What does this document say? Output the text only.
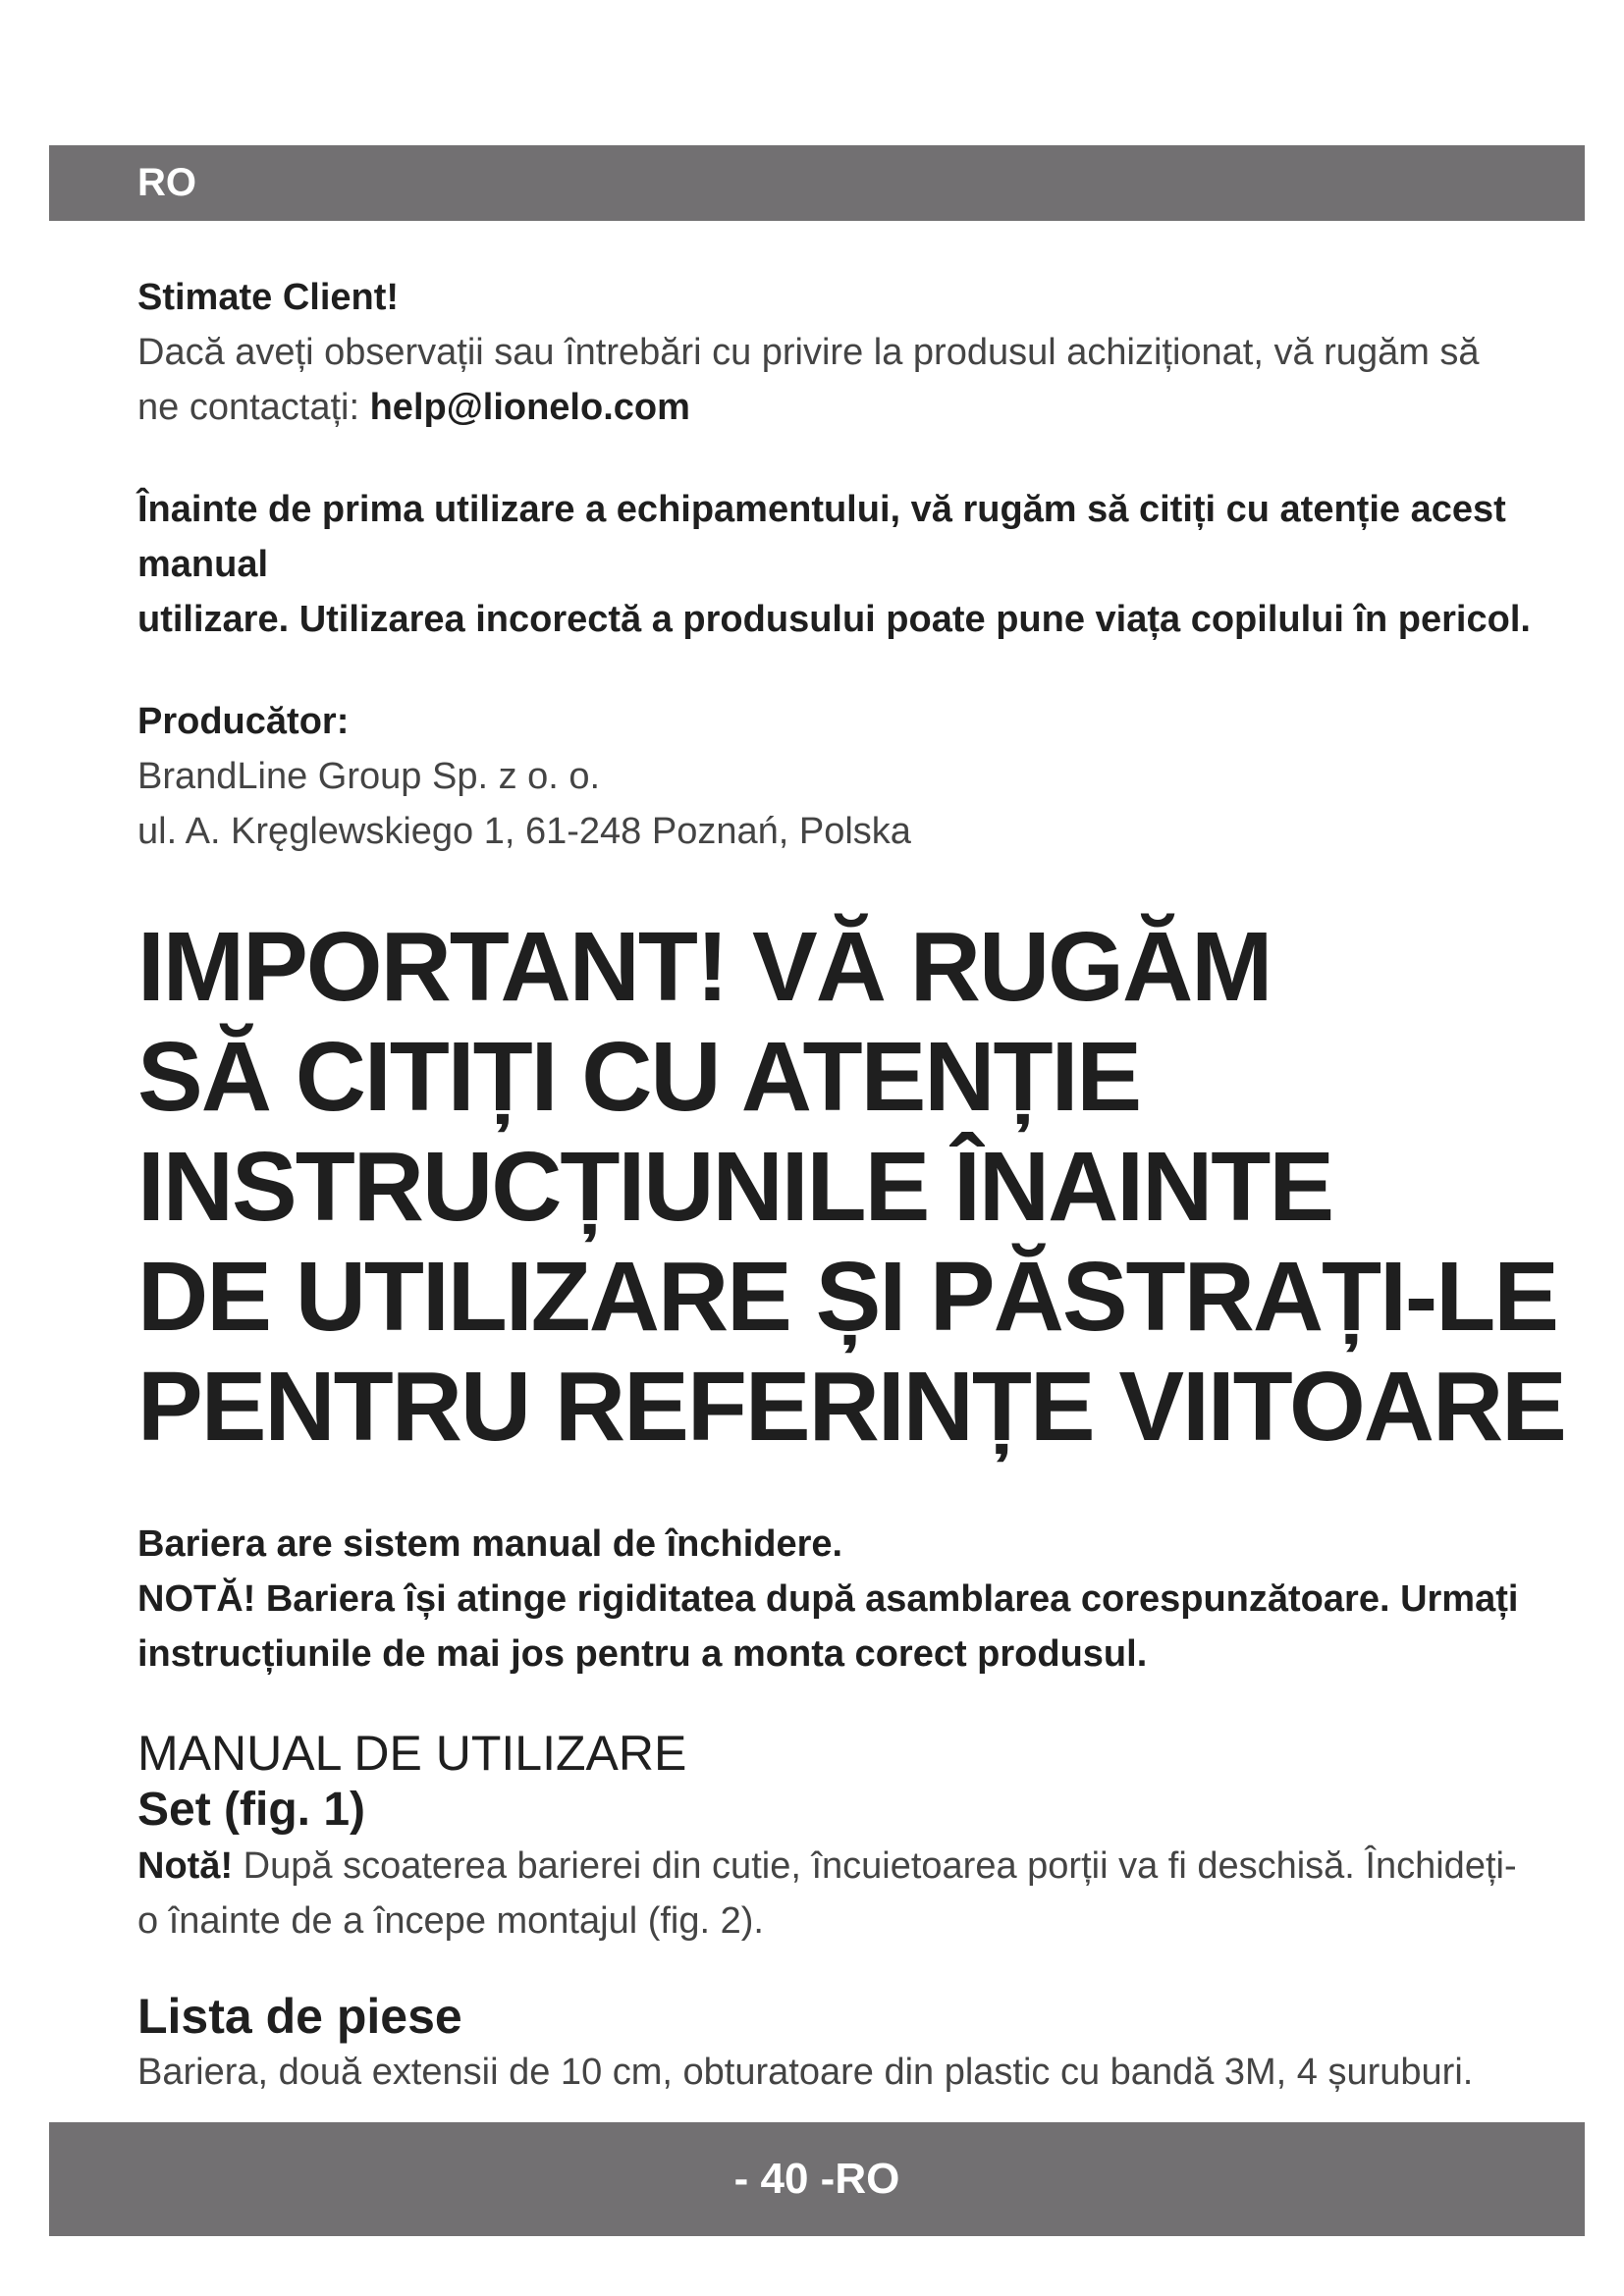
RO

Stimate Client!

Dacă aveți observații sau întrebări cu privire la produsul achiziționat, vă rugăm să
ne contactați: help@lionelo.com

Înainte de prima utilizare a echipamentului, vă rugăm să citiți cu atenție acest manual
utilizare. Utilizarea incorectă a produsului poate pune viața copilului în pericol.

Producător:

BrandLine Group Sp. z o. o.
ul. A. Kręglewskiego 1, 61-248 Poznań, Polska

IMPORTANT! VĂ RUGĂM
SĂ CITIȚI CU ATENȚIE
INSTRUCȚIUNILE ÎNAINTE
DE UTILIZARE ȘI PĂSTRAȚI-LE
PENTRU REFERINȚE VIITOARE

Bariera are sistem manual de închidere.
NOTĂ! Bariera își atinge rigiditatea după asamblarea corespunzătoare. Urmați
instrucțiunile de mai jos pentru a monta corect produsul.

MANUAL DE UTILIZARE
Set (fig. 1)

Notă! După scoaterea barierei din cutie, încuietoarea porții va fi deschisă. Închideți-
o înainte de a începe montajul (fig. 2).

Lista de piese

Bariera, două extensii de 10 cm, obturatoare din plastic cu bandă 3M, 4 șuruburi.

- 40 -RO
